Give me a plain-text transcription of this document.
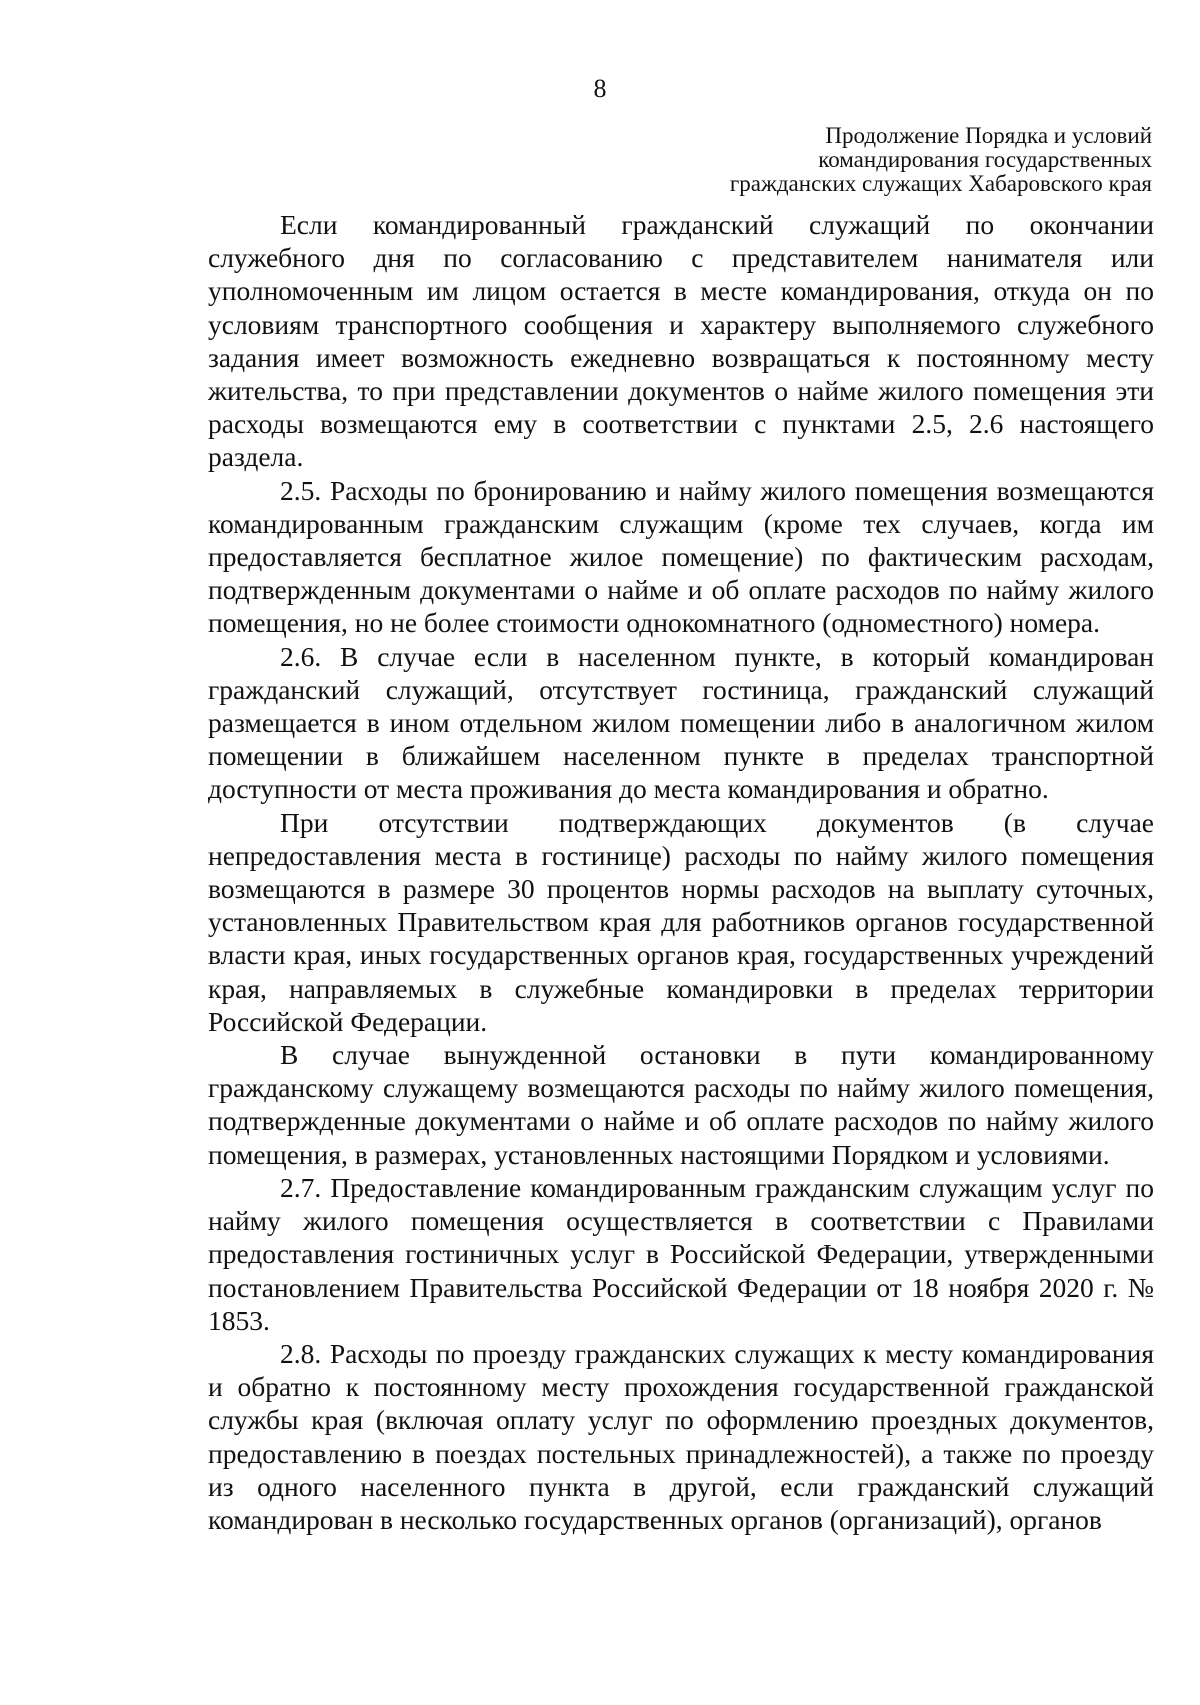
8
Продолжение Порядка и условий
командирования государственных
гражданских служащих Хабаровского края

Если командированный гражданский служащий по окончании служебного дня по согласованию с представителем нанимателя или уполномоченным им лицом остается в месте командирования, откуда он по условиям транспортного сообщения и характеру выполняемого служебного задания имеет возможность ежедневно возвращаться к постоянному месту жительства, то при представлении документов о найме жилого помещения эти расходы возмещаются ему в соответствии с пунктами 2.5, 2.6 настоящего раздела.

2.5. Расходы по бронированию и найму жилого помещения возмещаются командированным гражданским служащим (кроме тех случаев, когда им предоставляется бесплатное жилое помещение) по фактическим расходам, подтвержденным документами о найме и об оплате расходов по найму жилого помещения, но не более стоимости однокомнатного (одноместного) номера.

2.6. В случае если в населенном пункте, в который командирован гражданский служащий, отсутствует гостиница, гражданский служащий размещается в ином отдельном жилом помещении либо в аналогичном жилом помещении в ближайшем населенном пункте в пределах транспортной доступности от места проживания до места командирования и обратно.

При отсутствии подтверждающих документов (в случае непредоставления места в гостинице) расходы по найму жилого помещения возмещаются в размере 30 процентов нормы расходов на выплату суточных, установленных Правительством края для работников органов государственной власти края, иных государственных органов края, государственных учреждений края, направляемых в служебные командировки в пределах территории Российской Федерации.

В случае вынужденной остановки в пути командированному гражданскому служащему возмещаются расходы по найму жилого помещения, подтвержденные документами о найме и об оплате расходов по найму жилого помещения, в размерах, установленных настоящими Порядком и условиями.

2.7. Предоставление командированным гражданским служащим услуг по найму жилого помещения осуществляется в соответствии с Правилами предоставления гостиничных услуг в Российской Федерации, утвержденными постановлением Правительства Российской Федерации от 18 ноября 2020 г. № 1853.

2.8. Расходы по проезду гражданских служащих к месту командирования и обратно к постоянному месту прохождения государственной гражданской службы края (включая оплату услуг по оформлению проездных документов, предоставлению в поездах постельных принадлежностей), а также по проезду из одного населенного пункта в другой, если гражданский служащий командирован в несколько государственных органов (организаций), органов
